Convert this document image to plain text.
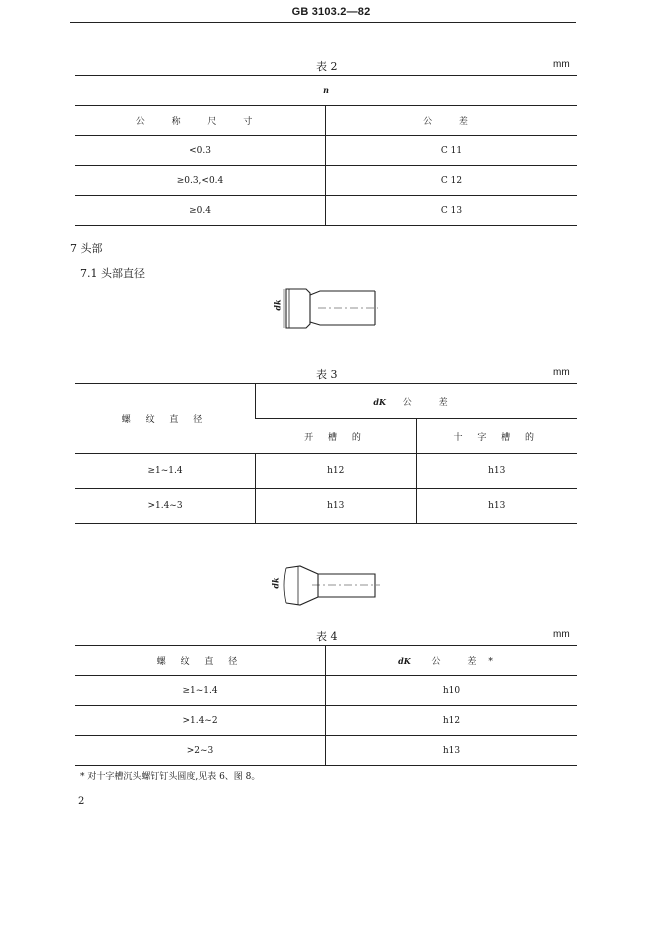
GB 3103.2—82
表 2	mm
n	
公 称 尺 寸	公 差
<0.3	C 11
≥0.3,<0.4	C 12
≥0.4	C 13
7 头部
7.1 头部直径
dk
表 3	mm
螺 纹 直 径	dK 公 差	
	开 槽 的	十 字 槽 的
≥1~1.4	h12	h13
>1.4~3	h13	h13
dk
表 4	mm
螺 纹 直 径	dK 公 差*
≥1~1.4	h10
>1.4~2	h12
>2~3	h13
* 对十字槽沉头螺钉钉头圆度,见表 6、图 8。
2
